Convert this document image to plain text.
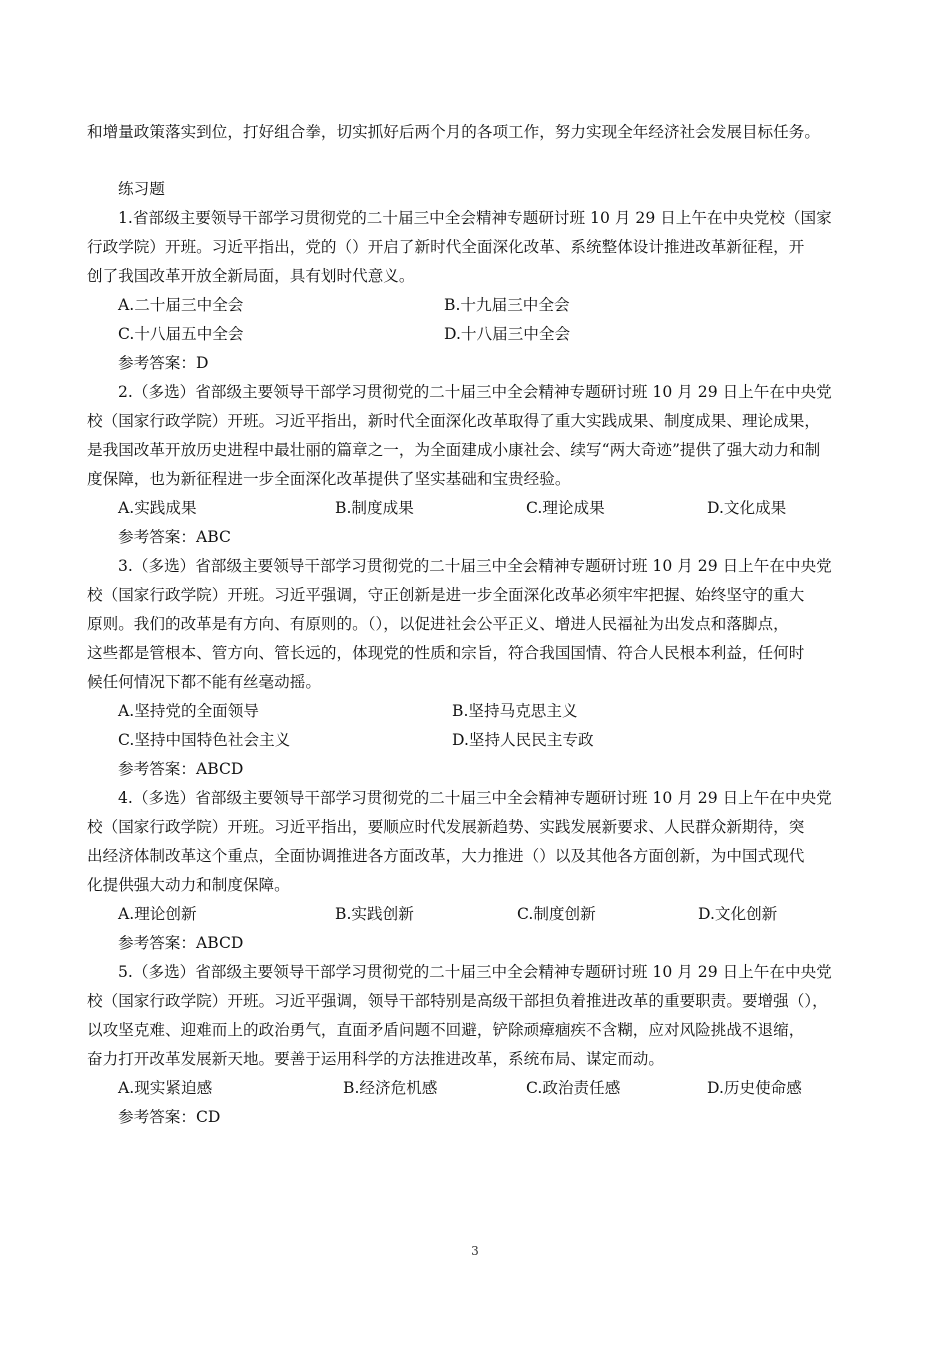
和增量政策落实到位，打好组合拳，切实抓好后两个月的各项工作，努力实现全年经济社会发展目标任务。
练习题
1.省部级主要领导干部学习贯彻党的二十届三中全会精神专题研讨班 10 月 29 日上午在中央党校（国家
行政学院）开班。习近平指出，党的（）开启了新时代全面深化改革、系统整体设计推进改革新征程，开
创了我国改革开放全新局面，具有划时代意义。
A.二十届三中全会	B.十九届三中全会
C.十八届五中全会	D.十八届三中全会
参考答案：D
2.（多选）省部级主要领导干部学习贯彻党的二十届三中全会精神专题研讨班 10 月 29 日上午在中央党
校（国家行政学院）开班。习近平指出，新时代全面深化改革取得了重大实践成果、制度成果、理论成果，
是我国改革开放历史进程中最壮丽的篇章之一，为全面建成小康社会、续写“两大奇迹”提供了强大动力和制
度保障，也为新征程进一步全面深化改革提供了坚实基础和宝贵经验。
A.实践成果	B.制度成果	C.理论成果	D.文化成果
参考答案：ABC
3.（多选）省部级主要领导干部学习贯彻党的二十届三中全会精神专题研讨班 10 月 29 日上午在中央党
校（国家行政学院）开班。习近平强调，守正创新是进一步全面深化改革必须牢牢把握、始终坚守的重大
原则。我们的改革是有方向、有原则的。（），以促进社会公平正义、增进人民福祉为出发点和落脚点，
这些都是管根本、管方向、管长远的，体现党的性质和宗旨，符合我国国情、符合人民根本利益，任何时
候任何情况下都不能有丝毫动摇。
A.坚持党的全面领导	B.坚持马克思主义
C.坚持中国特色社会主义	D.坚持人民民主专政
参考答案：ABCD
4.（多选）省部级主要领导干部学习贯彻党的二十届三中全会精神专题研讨班 10 月 29 日上午在中央党
校（国家行政学院）开班。习近平指出，要顺应时代发展新趋势、实践发展新要求、人民群众新期待，突
出经济体制改革这个重点，全面协调推进各方面改革，大力推进（）以及其他各方面创新，为中国式现代
化提供强大动力和制度保障。
A.理论创新	B.实践创新	C.制度创新	D.文化创新
参考答案：ABCD
5.（多选）省部级主要领导干部学习贯彻党的二十届三中全会精神专题研讨班 10 月 29 日上午在中央党
校（国家行政学院）开班。习近平强调，领导干部特别是高级干部担负着推进改革的重要职责。要增强（），
以攻坚克难、迎难而上的政治勇气，直面矛盾问题不回避，铲除顽瘴痼疾不含糊，应对风险挑战不退缩，
奋力打开改革发展新天地。要善于运用科学的方法推进改革，系统布局、谋定而动。
A.现实紧迫感	B.经济危机感	C.政治责任感	D.历史使命感
参考答案：CD
3
